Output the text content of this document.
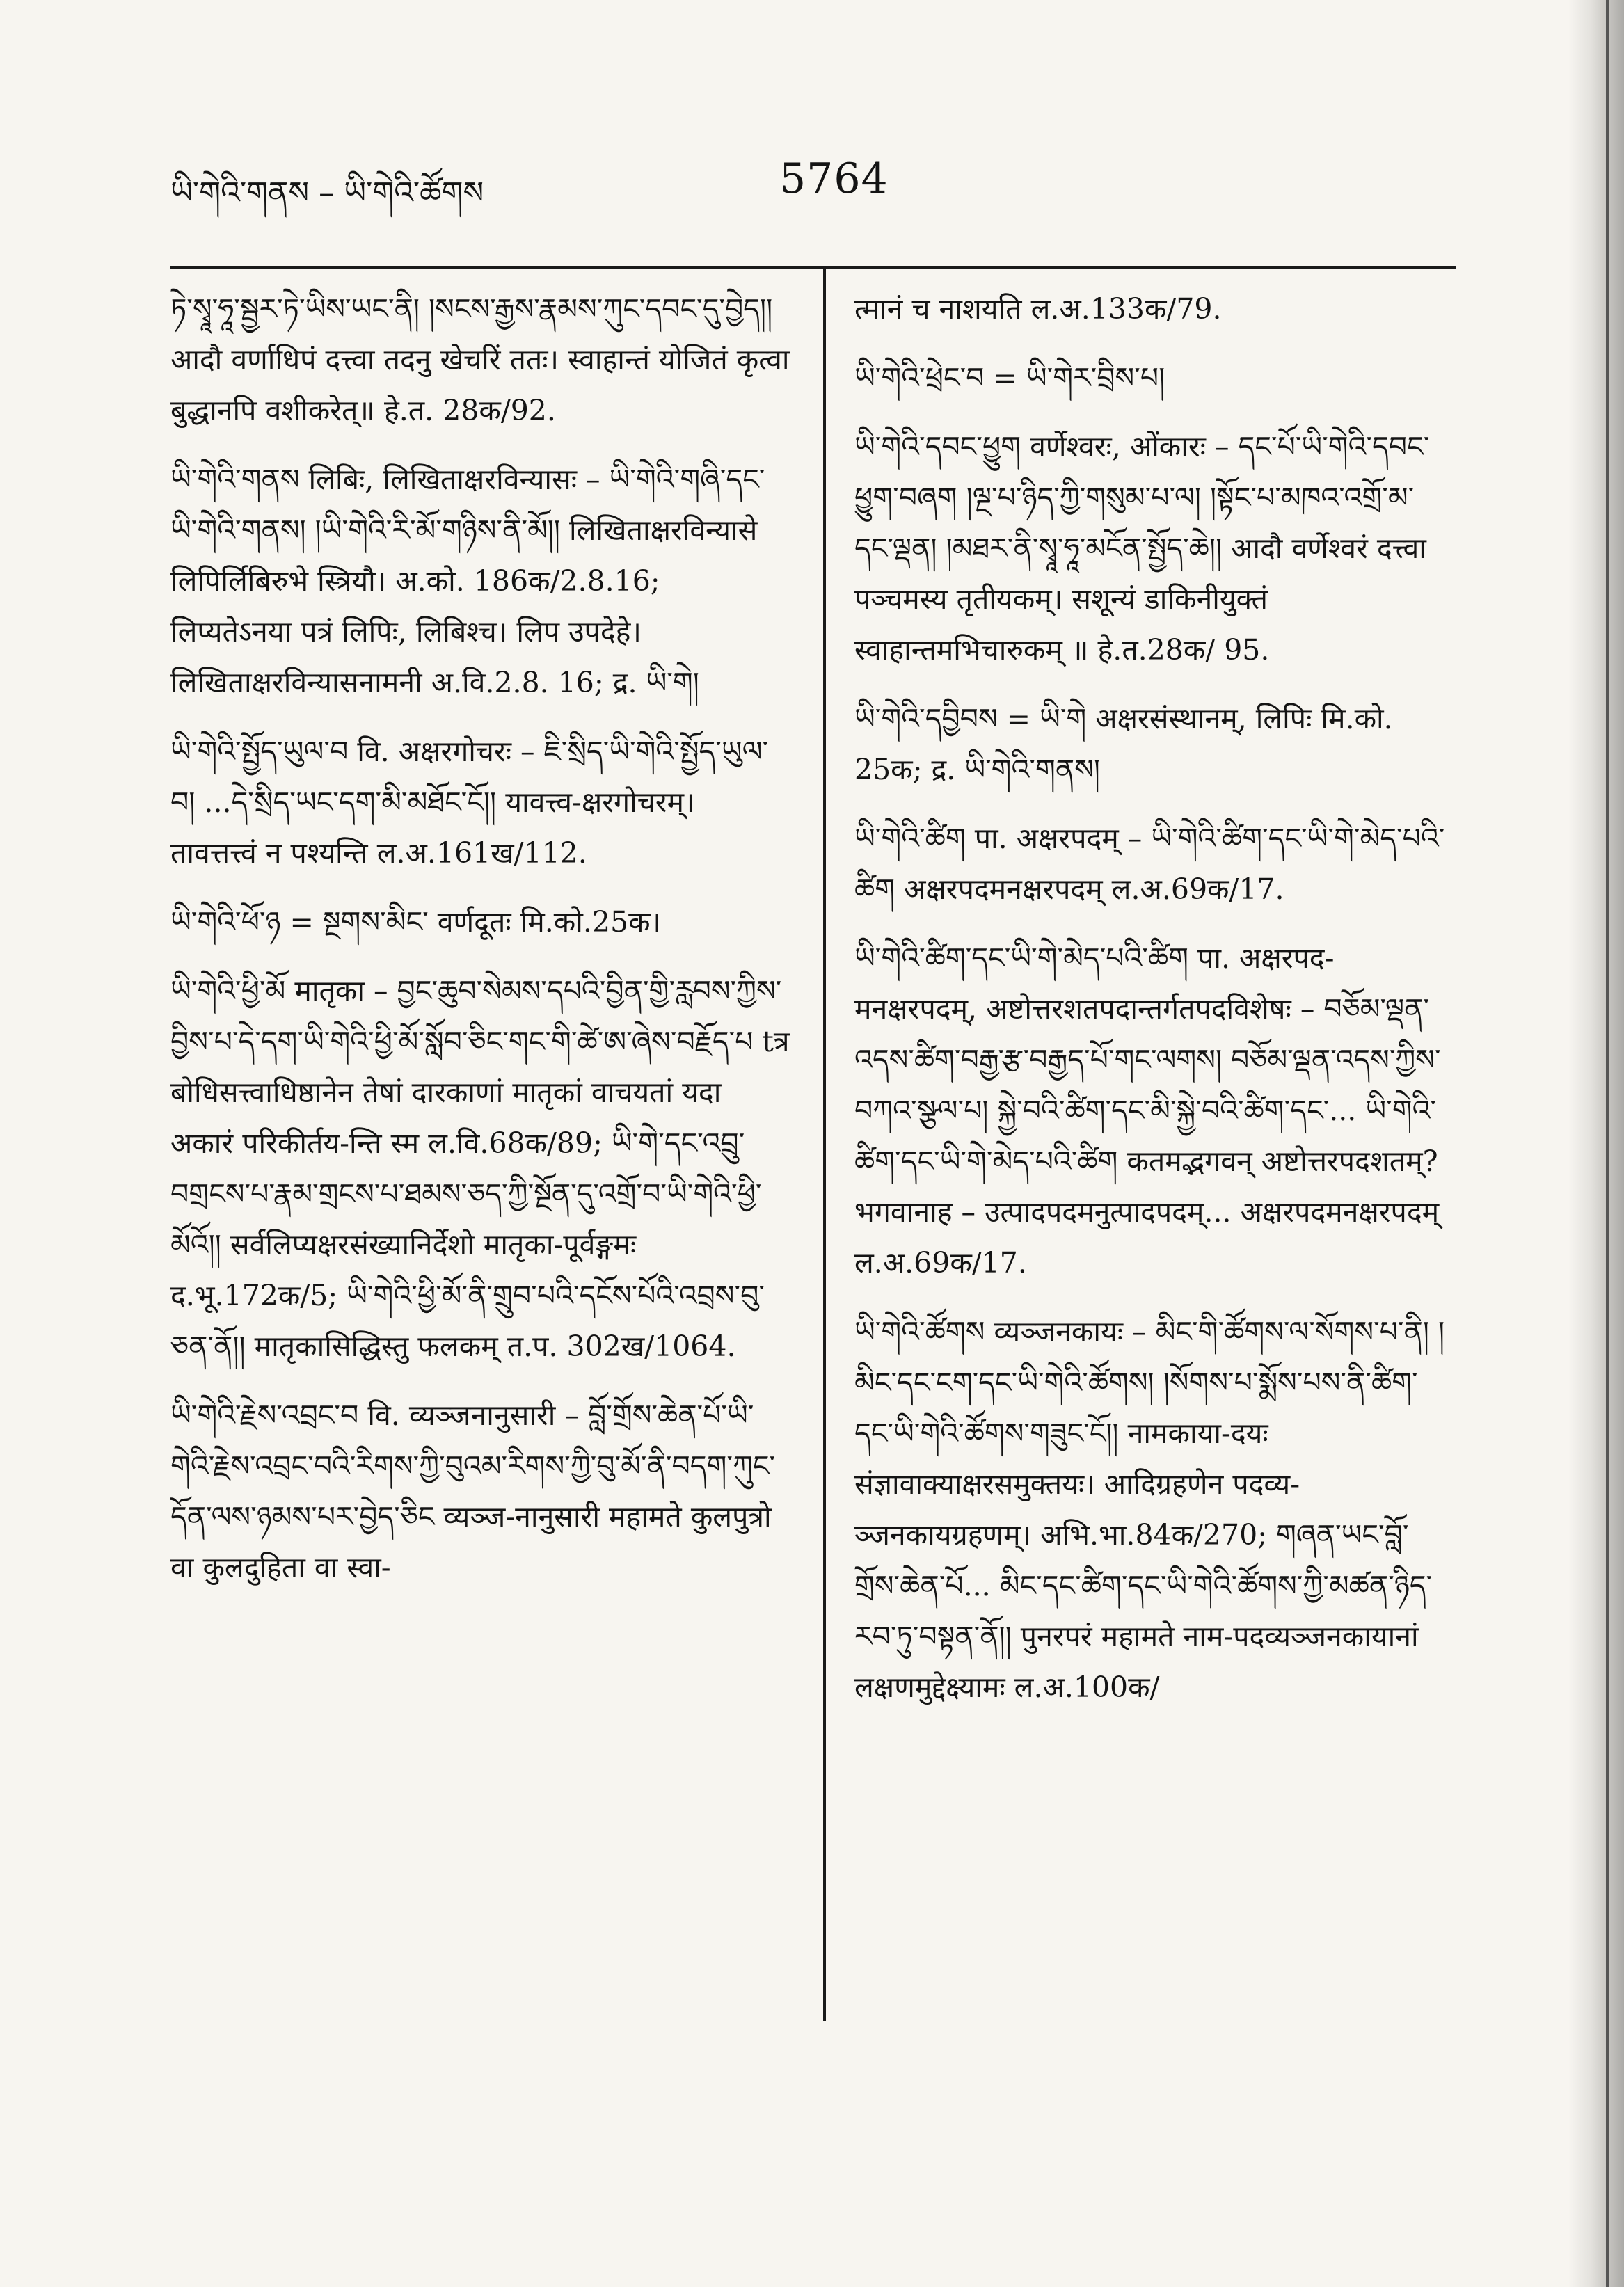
ཡི་གེའི་གནས – ཡི་གེའི་ཚོགས	5764

ཏེ་སྭཱ་ཧཱ་སྦྱར་ཏེ་ཡིས་ཡང་ནི། །སངས་རྒྱས་རྣམས་ཀུང་དབང་དུ་བྱེད།། आदौ वर्णाधिपं दत्त्वा तदनु खेचरिं ततः। स्वाहान्तं योजितं कृत्वा बुद्धानपि वशीकरेत्॥ हे.त. 28क/92.

ཡི་གེའི་གནས लिबिः, लिखिताक्षरविन्यासः – ཡི་གེའི་གཞི་དང་ཡི་གེའི་གནས། །ཡི་གེའི་རི་མོ་གཉིས་ནི་མོ།། लिखिताक्षरविन्यासे लिपिर्लिबिरुभे स्त्रियौ। अ.को. 186क/2.8.16; लिप्यतेऽनया पत्रं लिपिः, लिबिश्च। लिप उपदेहे। लिखिताक्षरविन्यासनामनी अ.वि.2.8. 16; द्र. ཡི་གེ།

ཡི་གེའི་སྤྱོད་ཡུལ་བ वि. अक्षरगोचरः – ཇི་སྲིད་ཡི་གེའི་སྤྱོད་ཡུལ་བ། ...དེ་སྲིད་ཡང་དག་མི་མཐོང་ངོ།། यावत्त्व-क्षरगोचरम्। तावत्तत्त्वं न पश्यन्ति ल.अ.161ख/112.

ཡི་གེའི་ཕོ་ཉ = སྔགས་མིང་ वर्णदूतः मि.को.25क।

ཡི་གེའི་ཕྱི་མོ मातृका – བྱང་ཆུབ་སེམས་དཔའི་བྱིན་གྱི་རླབས་ཀྱིས་བྱིས་པ་དེ་དག་ཡི་གེའི་ཕྱི་མོ་སློབ་ཅིང་གང་གི་ཚེ་ཨ་ཞེས་བརྗོད་པ tत्र बोधिसत्त्वाधिष्ठानेन तेषां दारकाणां मातृकां वाचयतां यदा अकारं परिकीर्तय-न्ति स्म ल.वि.68क/89; ཡི་གེ་དང་འབྲུ་བགྲངས་པ་རྣམ་གྲངས་པ་ཐམས་ཅད་ཀྱི་སྔོན་དུ་འགྲོ་བ་ཡི་གེའི་ཕྱི་མོའོ།། सर्वलिप्यक्षरसंख्यानिर्देशो मातृका-पूर्वङ्गमः द.भू.172क/5; ཡི་གེའི་ཕྱི་མོ་ནི་གྲུབ་པའི་དངོས་པོའི་འབྲས་བུ་ཅན་ནོ།། मातृकासिद्धिस्तु फलकम् त.प. 302ख/1064.

ཡི་གེའི་རྗེས་འབྲང་བ वि. व्यञ्जनानुसारी – བློ་གྲོས་ཆེན་པོ་ཡི་གེའི་རྗེས་འབྲང་བའི་རིགས་ཀྱི་བུའམ་རིགས་ཀྱི་བུ་མོ་ནི་བདག་ཀུང་དོན་ལས་ཉམས་པར་བྱེད་ཅིང व्यञ्ज-नानुसारी महामते कुलपुत्रो वा कुलदुहिता वा स्वा-

त्मानं च नाशयति ल.अ.133क/79.

ཡི་གེའི་ཕྲེང་བ = ཡི་གེར་བྲིས་པ།

ཡི་གེའི་དབང་ཕྱུག वर्णेश्वरः, ओंकारः – དང་པོ་ཡི་གེའི་དབང་ཕྱུག་བཞག །ལྔ་པ་ཉིད་ཀྱི་གསུམ་པ་ལ། །སྟོང་པ་མཁའ་འགྲོ་མ་དང་ལྡན། །མཐར་ནི་སྭཱ་ཧཱ་མངོན་སྤྱོད་ཆེ།། आदौ वर्णेश्वरं दत्त्वा पञ्चमस्य तृतीयकम्। सशून्यं डाकिनीयुक्तं स्वाहान्तमभिचारुकम् ॥ हे.त.28क/ 95.

ཡི་གེའི་དབྱིབས = ཡི་གེ अक्षरसंस्थानम्, लिपिः मि.को. 25क; द्र. ཡི་གེའི་གནས།

ཡི་གེའི་ཚིག पा. अक्षरपदम् – ཡི་གེའི་ཚིག་དང་ཡི་གེ་མེད་པའི་ཚིག अक्षरपदमनक्षरपदम् ल.अ.69क/17.

ཡི་གེའི་ཚིག་དང་ཡི་གེ་མེད་པའི་ཚིག पा. अक्षरपद-मनक्षरपदम्, अष्टोत्तरशतपदान्तर्गतपदविशेषः – བཅོམ་ལྡན་འདས་ཚིག་བརྒྱ་རྩ་བརྒྱད་པོ་གང་ལགས། བཅོམ་ལྡན་འདས་ཀྱིས་བཀའ་སྩལ་པ། སྐྱེ་བའི་ཚིག་དང་མི་སྐྱེ་བའི་ཚིག་དང་... ཡི་གེའི་ཚིག་དང་ཡི་གེ་མེད་པའི་ཚིག कतमद्भगवन् अष्टोत्तरपदशतम्? भगवानाह – उत्पादपदमनुत्पादपदम्... अक्षरपदमनक्षरपदम् ल.अ.69क/17.

ཡི་གེའི་ཚོགས व्यञ्जनकायः – མིང་གི་ཚོགས་ལ་སོགས་པ་ནི། །མིང་དང་ངག་དང་ཡི་གེའི་ཚོགས། །སོགས་པ་སྨོས་པས་ནི་ཚིག་དང་ཡི་གེའི་ཚོགས་གཟུང་ངོ།། नामकाया-दयः संज्ञावाक्याक्षरसमुक्तयः। आदिग्रहणेन पदव्य-ञ्जनकायग्रहणम्। अभि.भा.84क/270; གཞན་ཡང་བློ་གྲོས་ཆེན་པོ... མིང་དང་ཚིག་དང་ཡི་གེའི་ཚོགས་ཀྱི་མཚན་ཉིད་རབ་ཏུ་བསྟན་ནོ།། पुनरपरं महामते नाम-पदव्यञ्जनकायानां लक्षणमुद्देक्ष्यामः ल.अ.100क/
